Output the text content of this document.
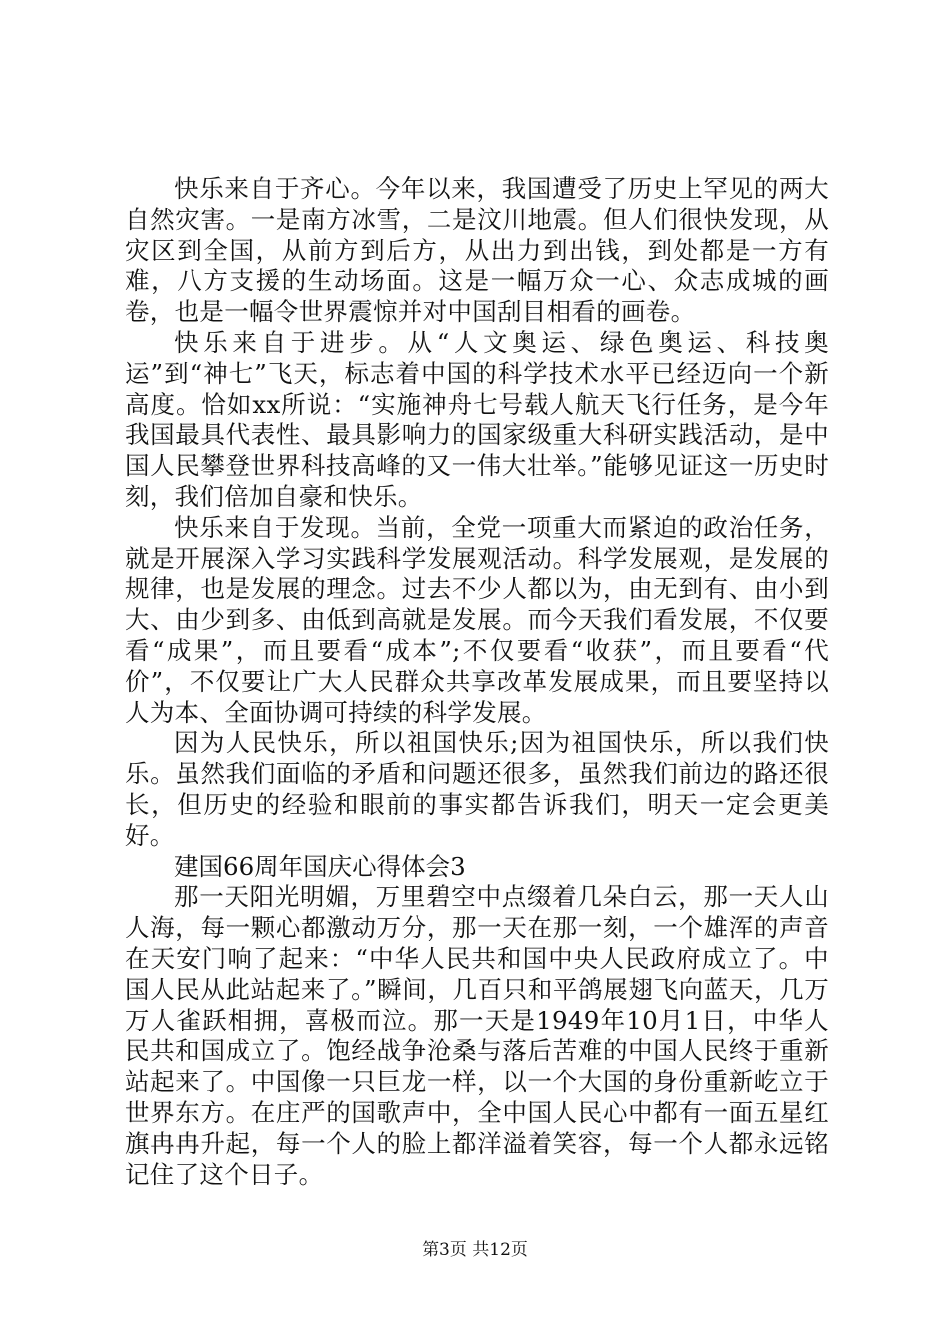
快乐来自于齐心。今年以来，我国遭受了历史上罕见的两大自然灾害。一是南方冰雪，二是汶川地震。但人们很快发现，从灾区到全国，从前方到后方，从出力到出钱，到处都是一方有难，八方支援的生动场面。这是一幅万众一心、众志成城的画卷，也是一幅令世界震惊并对中国刮目相看的画卷。

快乐来自于进步。从“人文奥运、绿色奥运、科技奥运”到“神七”飞天，标志着中国的科学技术水平已经迈向一个新高度。恰如xx所说：“实施神舟七号载人航天飞行任务，是今年我国最具代表性、最具影响力的国家级重大科研实践活动，是中国人民攀登世界科技高峰的又一伟大壮举。”能够见证这一历史时刻，我们倍加自豪和快乐。

快乐来自于发现。当前，全党一项重大而紧迫的政治任务，就是开展深入学习实践科学发展观活动。科学发展观，是发展的规律，也是发展的理念。过去不少人都以为，由无到有、由小到大、由少到多、由低到高就是发展。而今天我们看发展，不仅要看“成果”，而且要看“成本”;不仅要看“收获”，而且要看“代价”，不仅要让广大人民群众共享改革发展成果，而且要坚持以人为本、全面协调可持续的科学发展。

因为人民快乐，所以祖国快乐;因为祖国快乐，所以我们快乐。虽然我们面临的矛盾和问题还很多，虽然我们前边的路还很长，但历史的经验和眼前的事实都告诉我们，明天一定会更美好。

建国66周年国庆心得体会3

那一天阳光明媚，万里碧空中点缀着几朵白云，那一天人山人海，每一颗心都激动万分，那一天在那一刻，一个雄浑的声音在天安门响了起来：“中华人民共和国中央人民政府成立了。中国人民从此站起来了。”瞬间，几百只和平鸽展翅飞向蓝天，几万万人雀跃相拥，喜极而泣。那一天是1949年10月1日，中华人民共和国成立了。饱经战争沧桑与落后苦难的中国人民终于重新站起来了。中国像一只巨龙一样，以一个大国的身份重新屹立于世界东方。在庄严的国歌声中，全中国人民心中都有一面五星红旗冉冉升起，每一个人的脸上都洋溢着笑容，每一个人都永远铭记住了这个日子。

第3页 共12页
